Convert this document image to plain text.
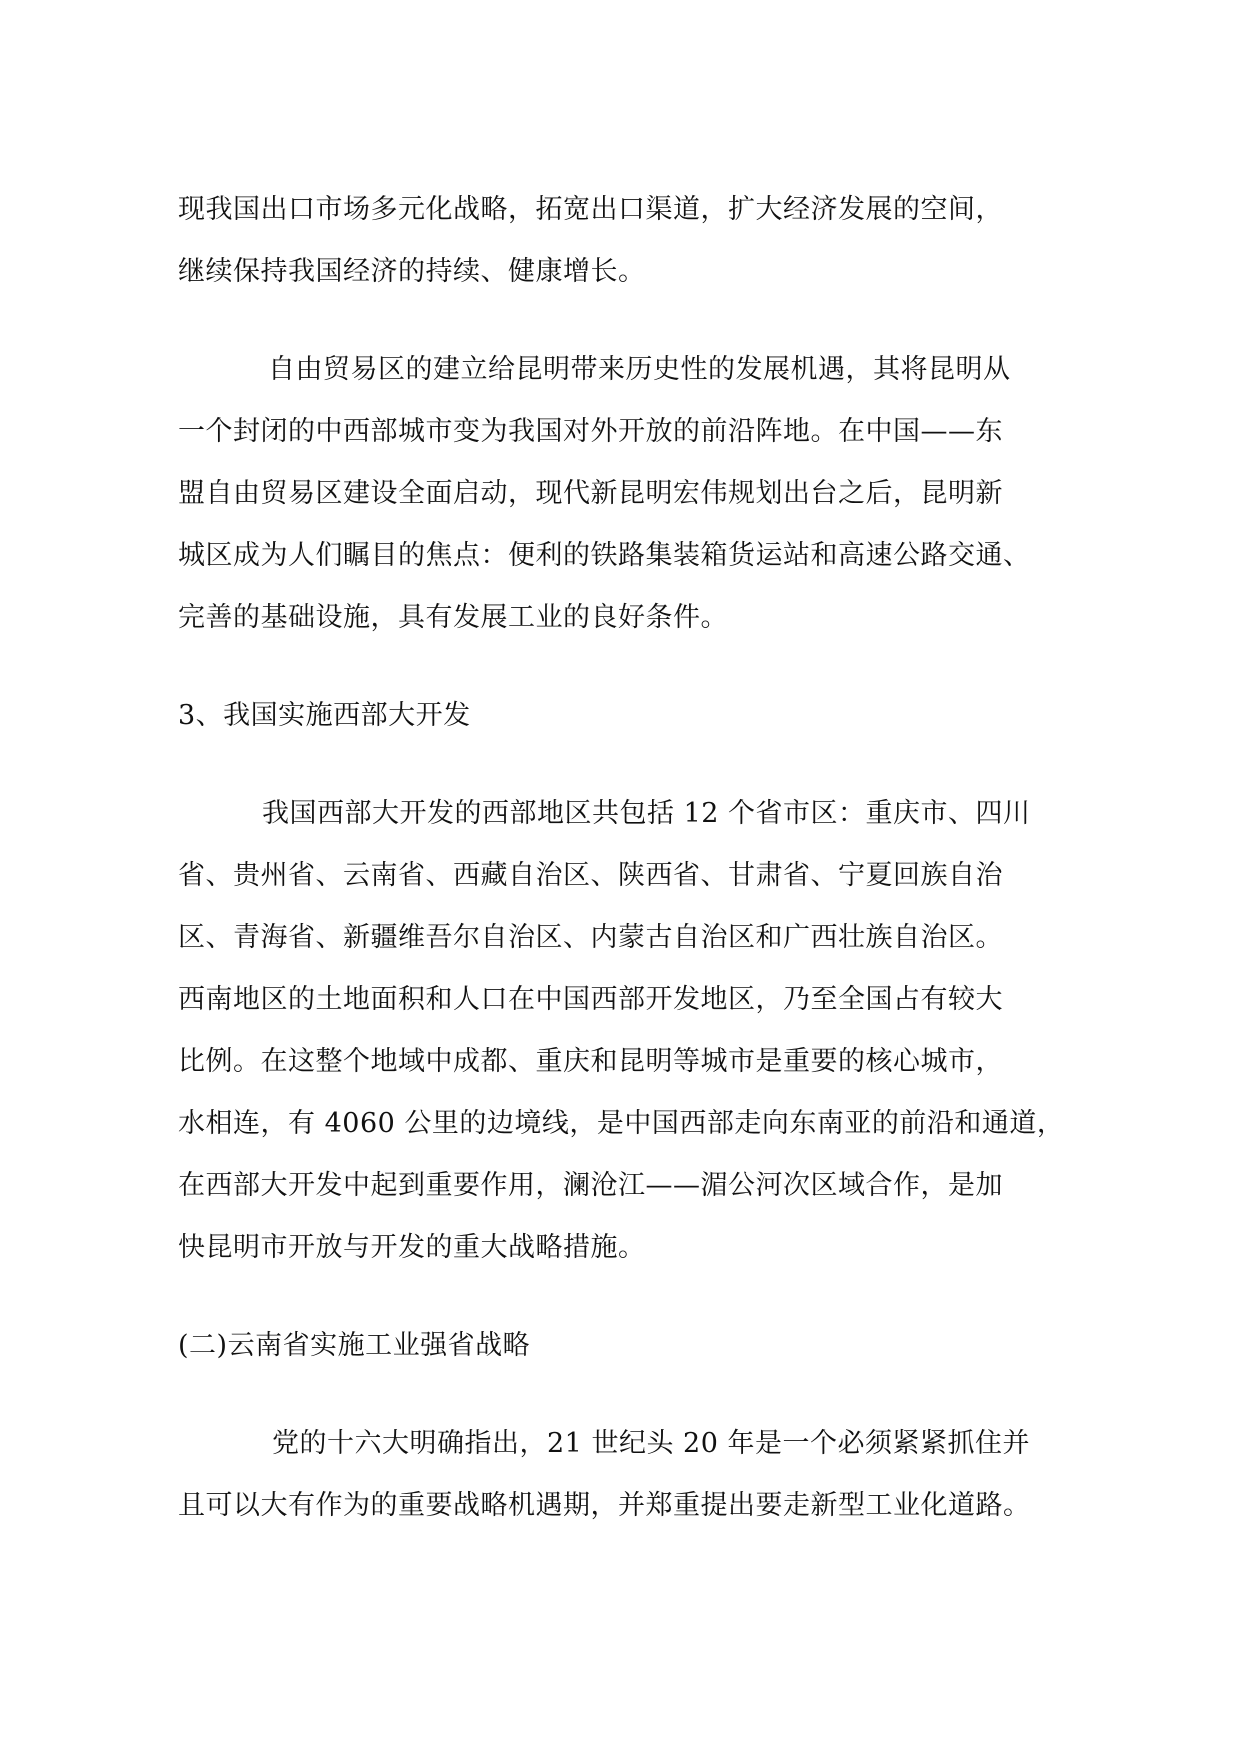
现我国出口市场多元化战略，拓宽出口渠道，扩大经济发展的空间，
继续保持我国经济的持续、健康增长。
自由贸易区的建立给昆明带来历史性的发展机遇，其将昆明从
一个封闭的中西部城市变为我国对外开放的前沿阵地。在中国——东
盟自由贸易区建设全面启动，现代新昆明宏伟规划出台之后，昆明新
城区成为人们瞩目的焦点：便利的铁路集装箱货运站和高速公路交通、
完善的基础设施，具有发展工业的良好条件。
3、我国实施西部大开发
我国西部大开发的西部地区共包括 12 个省市区：重庆市、四川
省、贵州省、云南省、西藏自治区、陕西省、甘肃省、宁夏回族自治
区、青海省、新疆维吾尔自治区、内蒙古自治区和广西壮族自治区。
西南地区的土地面积和人口在中国西部开发地区，乃至全国占有较大
比例。在这整个地域中成都、重庆和昆明等城市是重要的核心城市，
水相连，有 4060 公里的边境线，是中国西部走向东南亚的前沿和通道，
在西部大开发中起到重要作用，澜沧江——湄公河次区域合作，是加
快昆明市开放与开发的重大战略措施。
(二)云南省实施工业强省战略
党的十六大明确指出，21 世纪头 20 年是一个必须紧紧抓住并
且可以大有作为的重要战略机遇期，并郑重提出要走新型工业化道路。
